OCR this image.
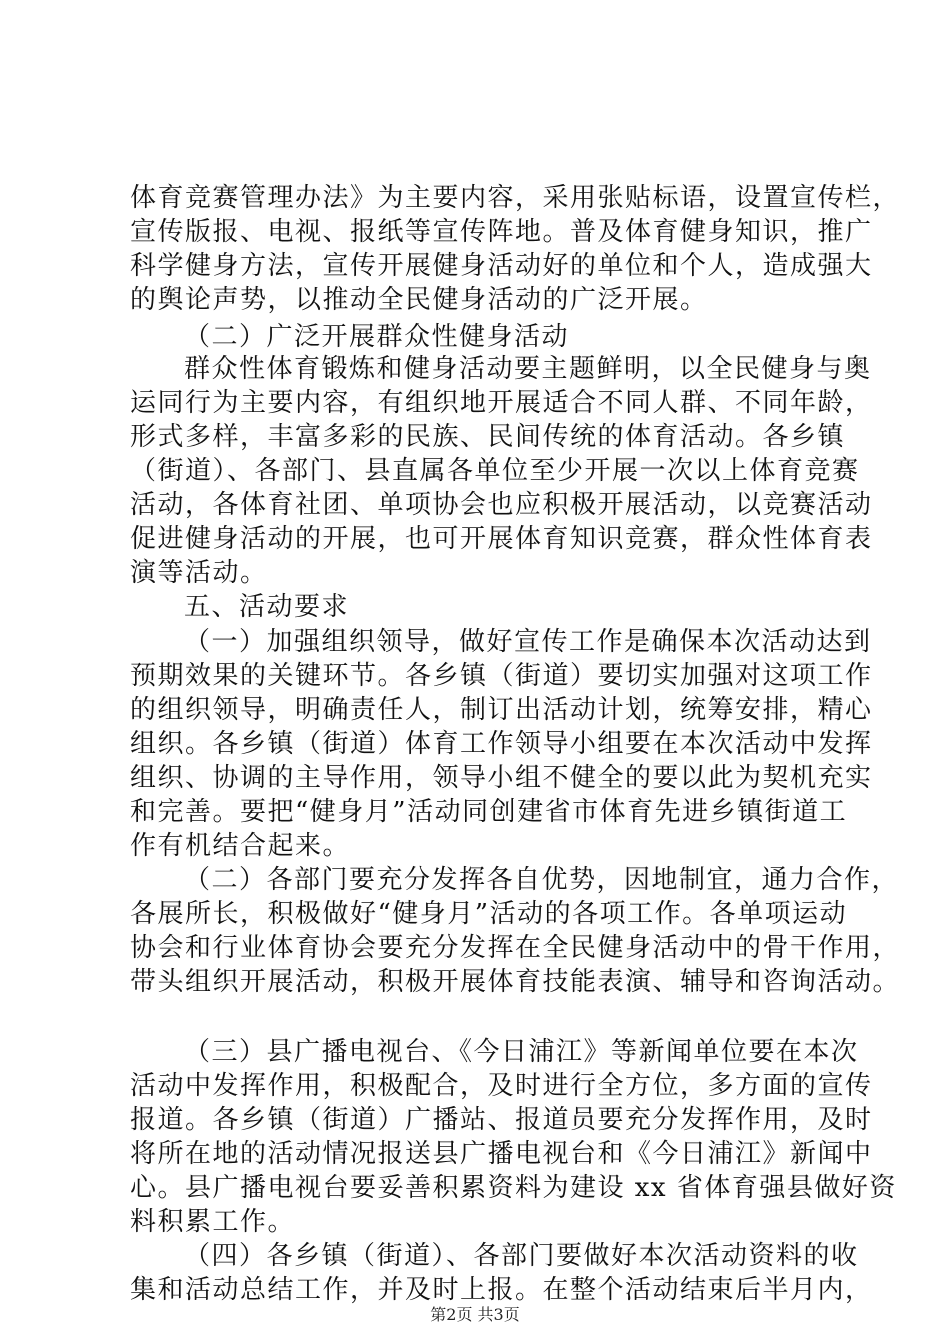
体育竞赛管理办法》为主要内容，采用张贴标语，设置宣传栏，
宣传版报、电视、报纸等宣传阵地。普及体育健身知识，推广
科学健身方法，宣传开展健身活动好的单位和个人，造成强大
的舆论声势，以推动全民健身活动的广泛开展。
（二）广泛开展群众性健身活动
群众性体育锻炼和健身活动要主题鲜明，以全民健身与奥
运同行为主要内容，有组织地开展适合不同人群、不同年龄，
形式多样，丰富多彩的民族、民间传统的体育活动。各乡镇
（街道）、各部门、县直属各单位至少开展一次以上体育竞赛
活动，各体育社团、单项协会也应积极开展活动，以竞赛活动
促进健身活动的开展，也可开展体育知识竞赛，群众性体育表
演等活动。
五、活动要求
（一）加强组织领导，做好宣传工作是确保本次活动达到
预期效果的关键环节。各乡镇（街道）要切实加强对这项工作
的组织领导，明确责任人，制订出活动计划，统筹安排，精心
组织。各乡镇（街道）体育工作领导小组要在本次活动中发挥
组织、协调的主导作用，领导小组不健全的要以此为契机充实
和完善。要把“健身月”活动同创建省市体育先进乡镇街道工
作有机结合起来。
（二）各部门要充分发挥各自优势，因地制宜，通力合作，
各展所长，积极做好“健身月”活动的各项工作。各单项运动
协会和行业体育协会要充分发挥在全民健身活动中的骨干作用，
带头组织开展活动，积极开展体育技能表演、辅导和咨询活动。
（三）县广播电视台、《今日浦江》等新闻单位要在本次
活动中发挥作用，积极配合，及时进行全方位，多方面的宣传
报道。各乡镇（街道）广播站、报道员要充分发挥作用，及时
将所在地的活动情况报送县广播电视台和《今日浦江》新闻中
心。县广播电视台要妥善积累资料为建设 xx 省体育强县做好资
料积累工作。
（四）各乡镇（街道）、各部门要做好本次活动资料的收
集和活动总结工作，并及时上报。在整个活动结束后半月内，
第2页 共3页
